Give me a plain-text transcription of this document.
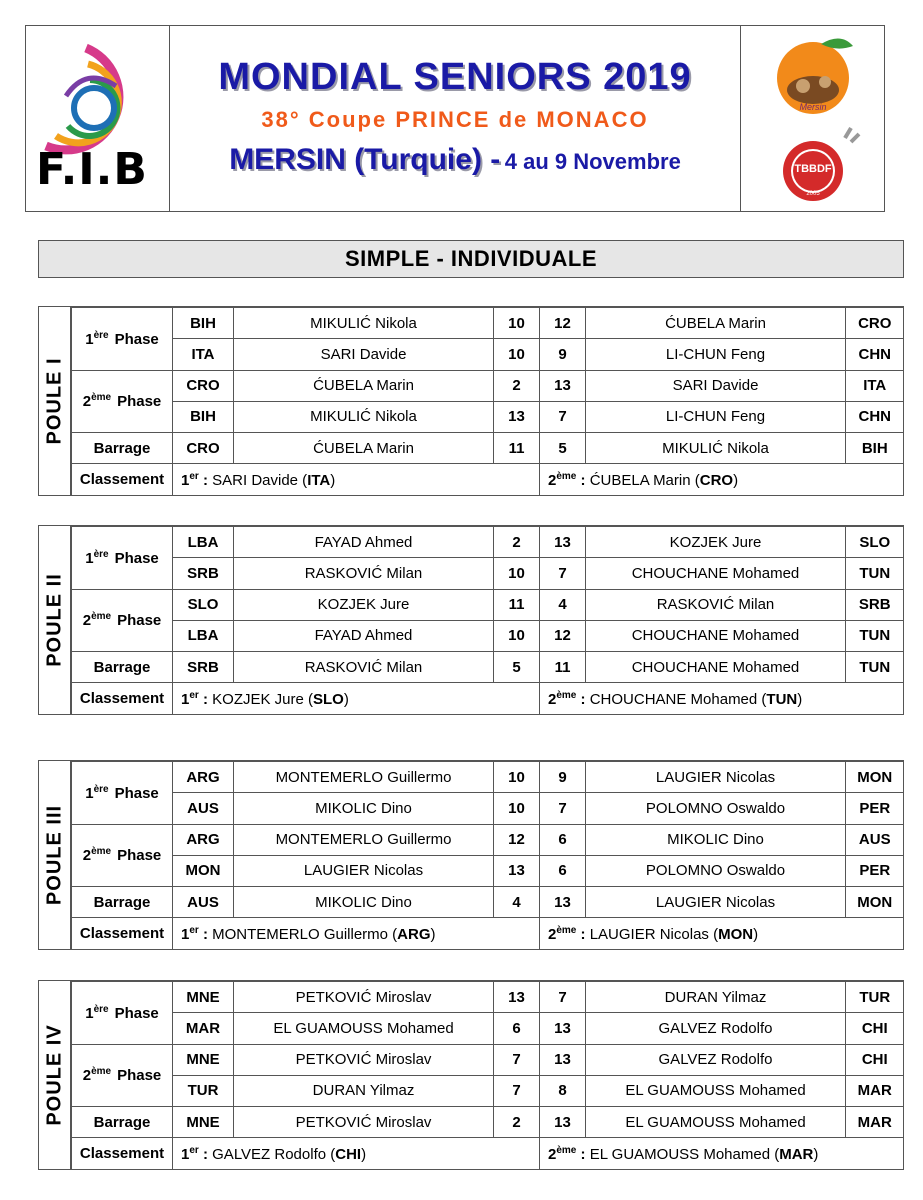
F.I.B
MONDIAL SENIORS 2019
38° Coupe PRINCE de MONACO
MERSIN (Turquie) - 4 au 9 Novembre
Mersin
TBBDF
2005
SIMPLE - INDIVIDUALE
POULE I
1ère Phase	BIH	MIKULIĆ Nikola	10	12	ĆUBELA Marin	CRO
	ITA	SARI Davide	10	9	LI-CHUN Feng	CHN
2ème Phase	CRO	ĆUBELA Marin	2	13	SARI Davide	ITA
	BIH	MIKULIĆ Nikola	13	7	LI-CHUN Feng	CHN
Barrage	CRO	ĆUBELA Marin	11	5	MIKULIĆ Nikola	BIH
Classement	1er : SARI Davide (ITA)			2ème : ĆUBELA Marin (CRO)		
POULE II
1ère Phase	LBA	FAYAD Ahmed	2	13	KOZJEK Jure	SLO
	SRB	RASKOVIĆ Milan	10	7	CHOUCHANE Mohamed	TUN
2ème Phase	SLO	KOZJEK Jure	11	4	RASKOVIĆ Milan	SRB
	LBA	FAYAD Ahmed	10	12	CHOUCHANE Mohamed	TUN
Barrage	SRB	RASKOVIĆ Milan	5	11	CHOUCHANE Mohamed	TUN
Classement	1er : KOZJEK Jure (SLO)			2ème : CHOUCHANE Mohamed (TUN)		
POULE III
1ère Phase	ARG	MONTEMERLO Guillermo	10	9	LAUGIER Nicolas	MON
	AUS	MIKOLIC Dino	10	7	POLOMNO Oswaldo	PER
2ème Phase	ARG	MONTEMERLO Guillermo	12	6	MIKOLIC Dino	AUS
	MON	LAUGIER Nicolas	13	6	POLOMNO Oswaldo	PER
Barrage	AUS	MIKOLIC Dino	4	13	LAUGIER Nicolas	MON
Classement	1er : MONTEMERLO Guillermo (ARG)			2ème : LAUGIER Nicolas (MON)		
POULE IV
1ère Phase	MNE	PETKOVIĆ Miroslav	13	7	DURAN Yilmaz	TUR
	MAR	EL GUAMOUSS Mohamed	6	13	GALVEZ Rodolfo	CHI
2ème Phase	MNE	PETKOVIĆ Miroslav	7	13	GALVEZ Rodolfo	CHI
	TUR	DURAN Yilmaz	7	8	EL GUAMOUSS Mohamed	MAR
Barrage	MNE	PETKOVIĆ Miroslav	2	13	EL GUAMOUSS Mohamed	MAR
Classement	1er : GALVEZ Rodolfo (CHI)			2ème : EL GUAMOUSS Mohamed (MAR)		
